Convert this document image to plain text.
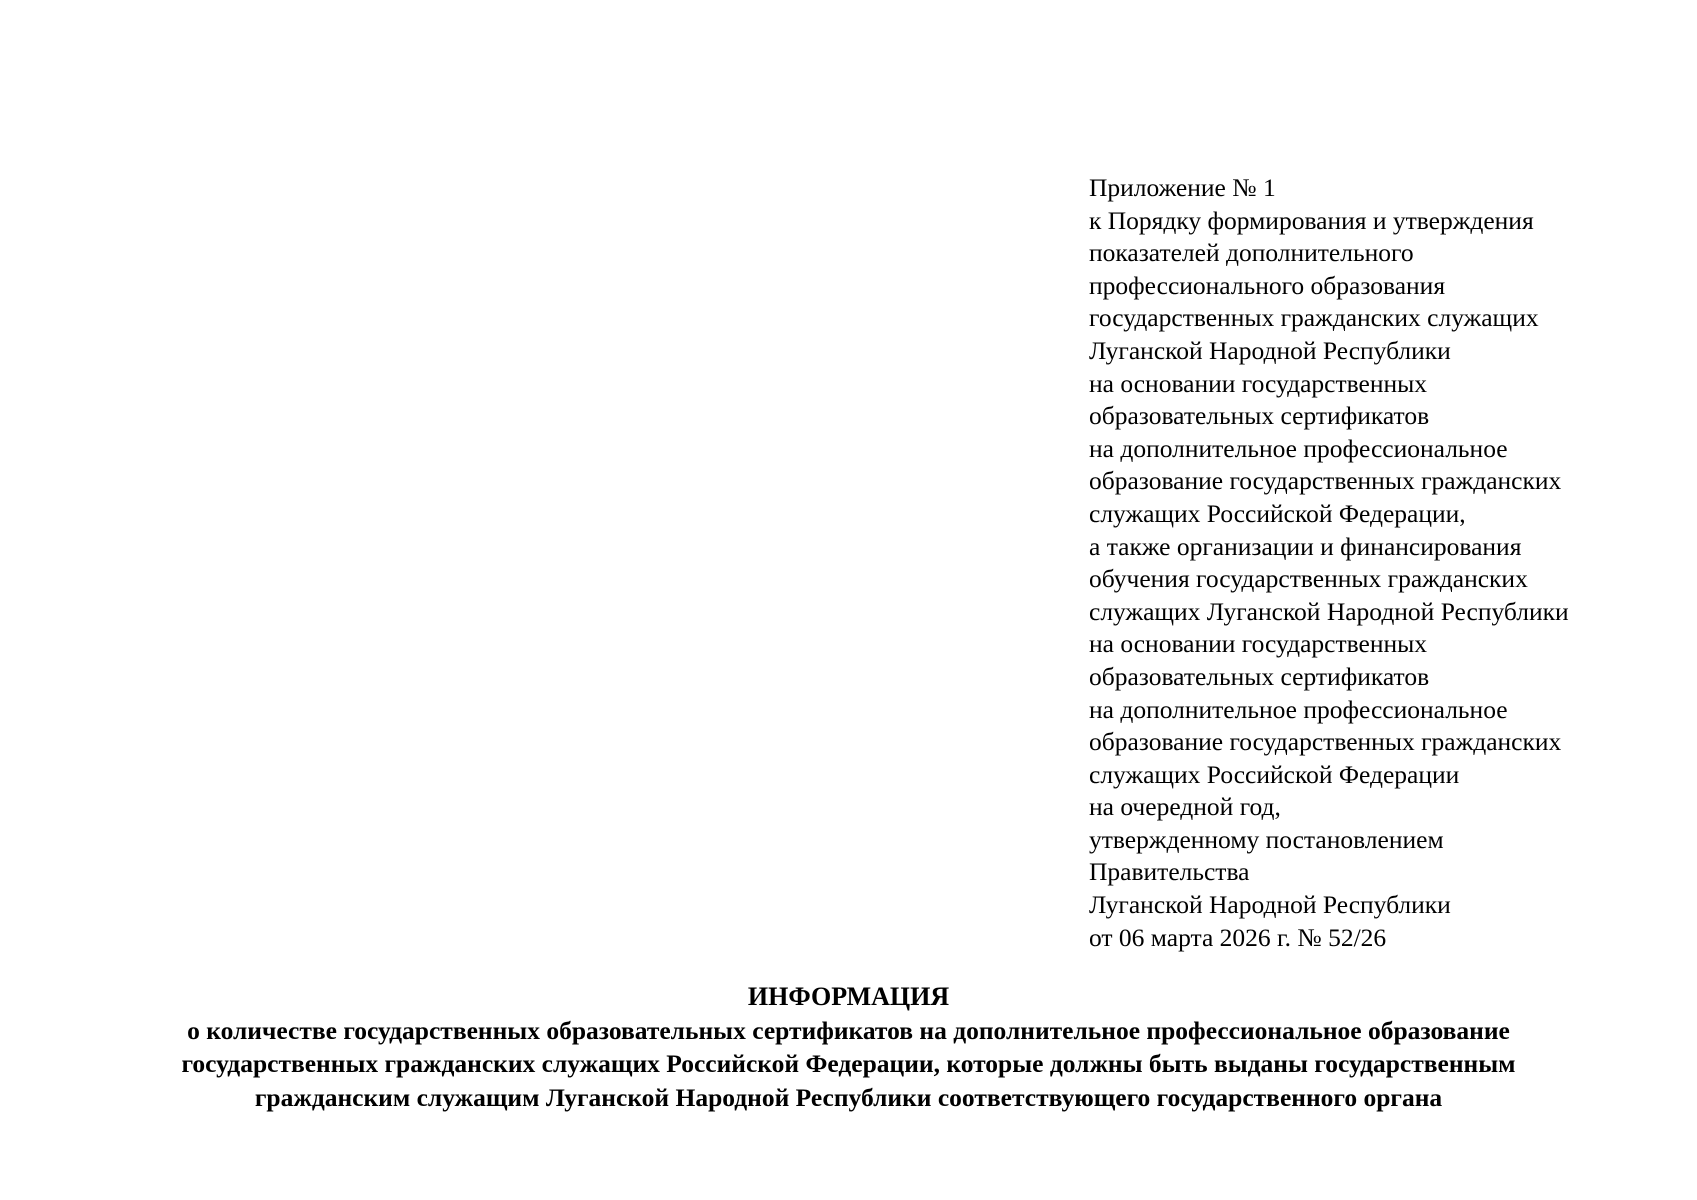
Приложение № 1
к Порядку формирования и утверждения
показателей дополнительного
профессионального образования
государственных гражданских служащих
Луганской Народной Республики
на основании государственных
образовательных сертификатов
на дополнительное профессиональное
образование государственных гражданских
служащих Российской Федерации,
а также организации и финансирования
обучения государственных гражданских
служащих Луганской Народной Республики
на основании государственных
образовательных сертификатов
на дополнительное профессиональное
образование государственных гражданских
служащих Российской Федерации
на очередной год,
утвержденному постановлением
Правительства
Луганской Народной Республики
от 06 марта 2026 г. № 52/26
ИНФОРМАЦИЯ
о количестве государственных образовательных сертификатов на дополнительное профессиональное образование
государственных гражданских служащих Российской Федерации, которые должны быть выданы государственным
гражданским служащим Луганской Народной Республики соответствующего государственного органа
